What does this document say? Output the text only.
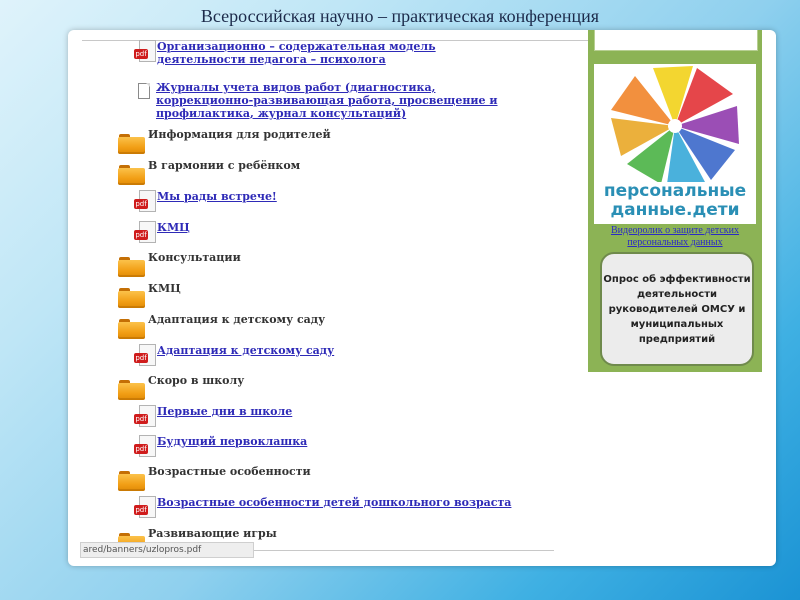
Всероссийская научно – практическая конференция
pdf
Организационно – содержательная модель деятельности педагога – психолога
Журналы учета видов работ (диагностика, коррекционно-развивающая работа, просвещение и профилактика, журнал консультаций)
Информация для родителей
В гармонии с ребёнком
pdf
Мы рады встрече!
pdf
КМЦ
Консультации
КМЦ
Адаптация к детскому саду
pdf
Адаптация к детскому саду
Скоро в школу
pdf
Первые дни в школе
pdf
Будущий первоклашка
Возрастные особенности
pdf
Возрастные особенности детей дошкольного возраста
Развивающие игры
ared/banners/uzlopros.pdf
персональные
данные.дети
Видеоролик о защите детских персональных данных
Опрос об эффективности деятельности руководителей ОМСУ и муниципальных предприятий
